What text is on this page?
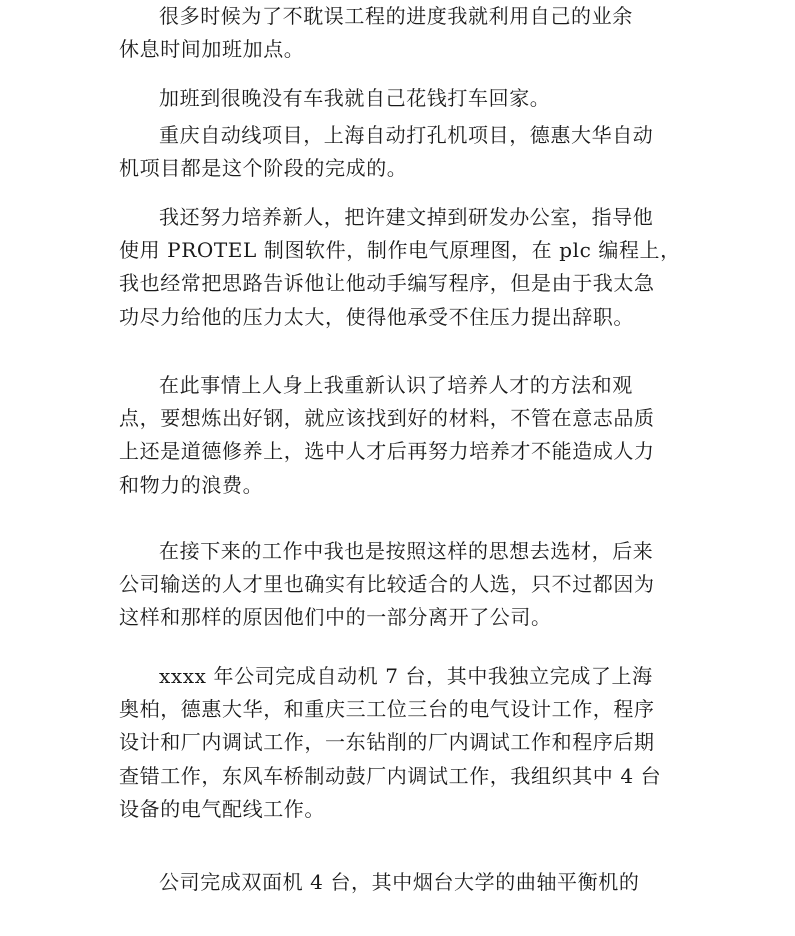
很多时候为了不耽误工程的进度我就利用自己的业余
休息时间加班加点。

加班到很晚没有车我就自己花钱打车回家。

重庆自动线项目，上海自动打孔机项目，德惠大华自动
机项目都是这个阶段的完成的。

我还努力培养新人，把许建文掉到研发办公室，指导他
使用 PROTEL 制图软件，制作电气原理图，在 plc 编程上，
我也经常把思路告诉他让他动手编写程序，但是由于我太急
功尽力给他的压力太大，使得他承受不住压力提出辞职。

在此事情上人身上我重新认识了培养人才的方法和观
点，要想炼出好钢，就应该找到好的材料，不管在意志品质
上还是道德修养上，选中人才后再努力培养才不能造成人力
和物力的浪费。

在接下来的工作中我也是按照这样的思想去选材，后来
公司输送的人才里也确实有比较适合的人选，只不过都因为
这样和那样的原因他们中的一部分离开了公司。

xxxx 年公司完成自动机 7 台，其中我独立完成了上海
奥柏，德惠大华，和重庆三工位三台的电气设计工作，程序
设计和厂内调试工作，一东钻削的厂内调试工作和程序后期
查错工作，东风车桥制动鼓厂内调试工作，我组织其中 4 台
设备的电气配线工作。

公司完成双面机 4 台，其中烟台大学的曲轴平衡机的
